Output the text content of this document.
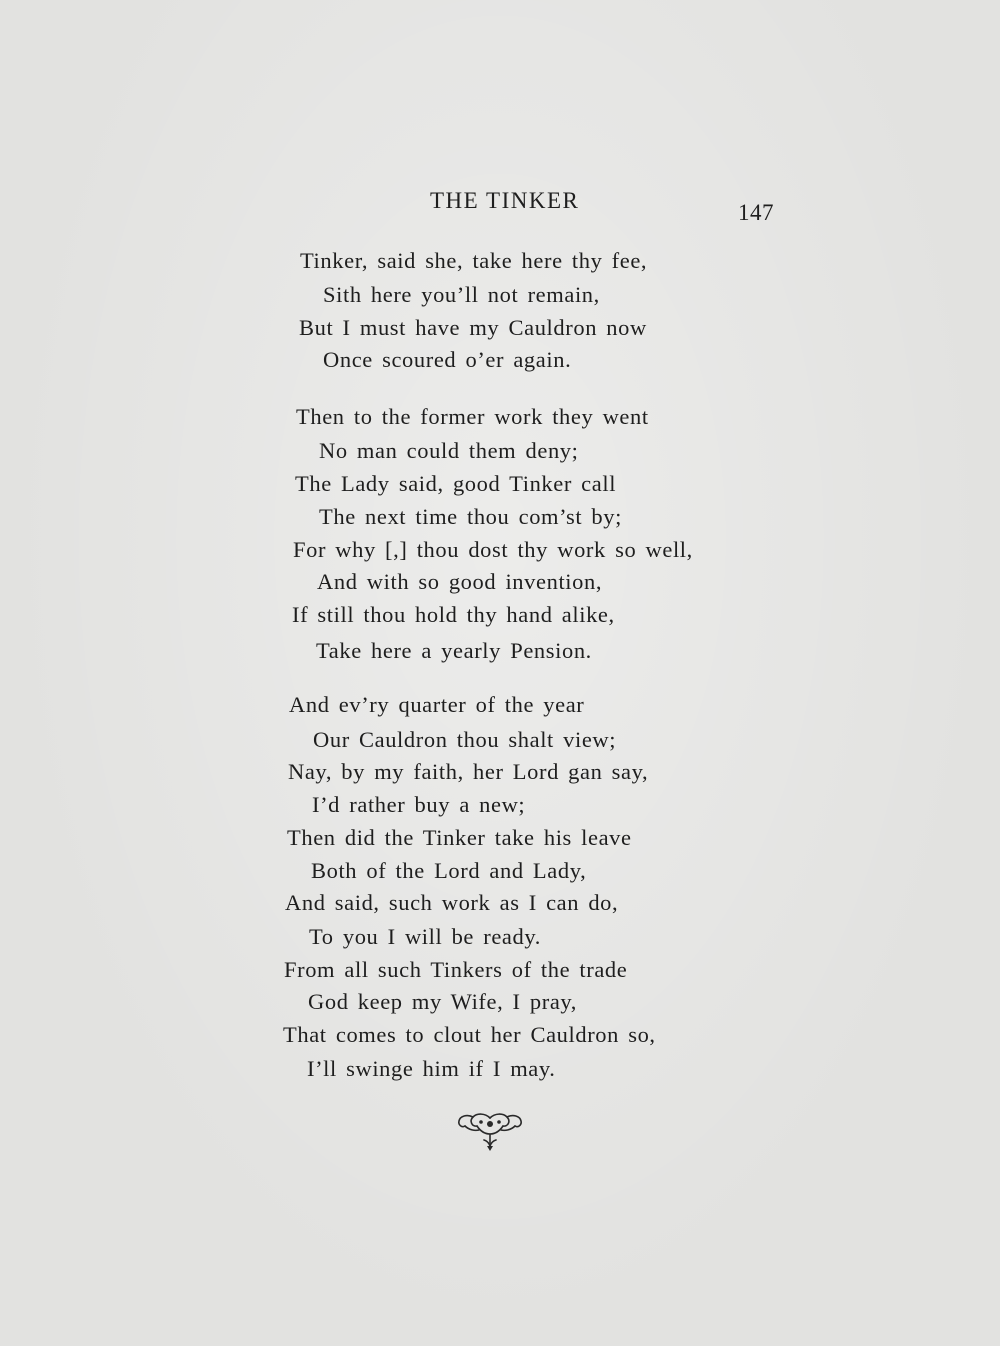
THE TINKER	147
Tinker, said she, take here thy fee,
Sith here you’ll not remain,
But I must have my Cauldron now
Once scoured o’er again.
Then to the former work they went
No man could them deny;
The Lady said, good Tinker call
The next time thou com’st by;
For why [,] thou dost thy work so well,
And with so good invention,
If still thou hold thy hand alike,
Take here a yearly Pension.
And ev’ry quarter of the year
Our Cauldron thou shalt view;
Nay, by my faith, her Lord gan say,
I’d rather buy a new;
Then did the Tinker take his leave
Both of the Lord and Lady,
And said, such work as I can do,
To you I will be ready.
From all such Tinkers of the trade
God keep my Wife, I pray,
That comes to clout her Cauldron so,
I’ll swinge him if I may.
